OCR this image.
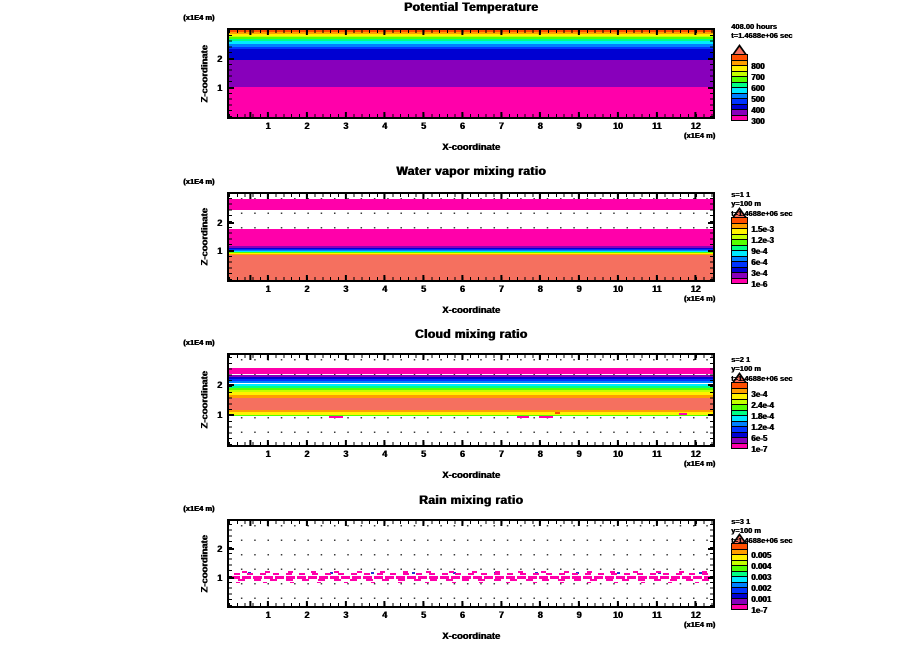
Potential Temperature
(x1E4 m)
(x1E4 m)
X-coordinate
Z-coordinate
1	2	3	4	5	6	7	8	9	10	11	12
1
2
800
700
600
500
400
300
408.00 hours
t=1.4688e+06 sec
Water vapor mixing ratio
(x1E4 m)
(x1E4 m)
X-coordinate
Z-coordinate
1	2	3	4	5	6	7	8	9	10	11	12
1
2
1.5e-3
1.2e-3
9e-4
6e-4
3e-4
1e-6
s=1 1
y=100 m
t=1.4688e+06 sec
Cloud mixing ratio
(x1E4 m)
(x1E4 m)
X-coordinate
Z-coordinate
1	2	3	4	5	6	7	8	9	10	11	12
1
2
3e-4
2.4e-4
1.8e-4
1.2e-4
6e-5
1e-7
s=2 1
y=100 m
t=1.4688e+06 sec
Rain mixing ratio
(x1E4 m)
(x1E4 m)
X-coordinate
Z-coordinate
1	2	3	4	5	6	7	8	9	10	11	12
1
2
0.005
0.004
0.003
0.002
0.001
1e-7
s=3 1
y=100 m
t=1.4688e+06 sec
